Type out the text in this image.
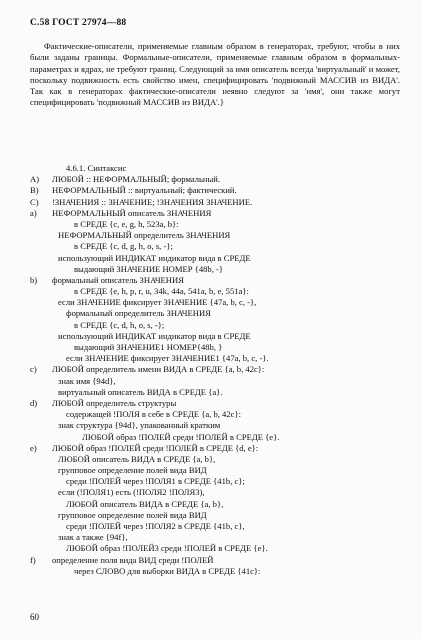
С.58 ГОСТ 27974—88

Фактические-описатели, применяемые главным образом в генераторах, требуют, чтобы в них были заданы границы. Формальные-описатели, применяемые главным образом в формальных-параметрах и ядрах, не требуют границ. Следующий за имя описатель всегда 'виртуальный' и может, поскольку подвижность есть свойство имен, специфицировать 'подвижный МАССИВ из ВИДА'. Так как в генераторах фактические-описатели неявно следуют за 'имя', они также могут специфицировать 'подвижный МАССИВ из ВИДА'.}

4.6.1. Синтаксис
A)	ЛЮБОЙ :: НЕФОРМАЛЬНЫЙ; формальный.
B)	НЕФОРМАЛЬНЫЙ :: виртуальный; фактический.
C)	!ЗНАЧЕНИЯ :: ЗНАЧЕНИЕ; !ЗНАЧЕНИЯ ЗНАЧЕНИЕ.
a)	НЕФОРМАЛЬНЫЙ описатель ЗНАЧЕНИЯ
в СРЕДЕ {c, e, g, h, 523a, b}:
НЕФОРМАЛЬНЫЙ определитель ЗНАЧЕНИЯ
в СРЕДЕ {c, d, g, h, o, s, -};
использующий ИНДИКАТ индикатор вида в СРЕДЕ
выдающий ЗНАЧЕНИЕ НОМЕР {48b, -}
b)	формальный описатель ЗНАЧЕНИЯ
в СРЕДЕ {e, h, p, r, u, 34k, 44a, 541a, b, e, 551a}:
если ЗНАЧЕНИЕ фиксирует ЗНАЧЕНИЕ {47a, b, c, -},
формальный определитель ЗНАЧЕНИЯ
в СРЕДЕ {c, d, h, o, s, -};
использующий ИНДИКАТ индикатор вида в СРЕДЕ
выдающий ЗНАЧЕНИЕ1 НОМЕР{48b, }
если ЗНАЧЕНИЕ фиксирует ЗНАЧЕНИЕ1 {47a, b, c, -}.
c)	ЛЮБОЙ определитель имени ВИДА в СРЕДЕ {a, b, 42c}:
знак имя {94d},
виртуальный описатель ВИДА в СРЕДЕ {a}.
d)	ЛЮБОЙ определитель структуры
содержащей !ПОЛЯ в себе в СРЕДЕ {a, b, 42c}:
знак структура {94d}, упакованный кратким
ЛЮБОЙ образ !ПОЛЕЙ среди !ПОЛЕЙ в СРЕДЕ {e}.
e)	ЛЮБОЙ образ !ПОЛЕЙ среди !ПОЛЕЙ в СРЕДЕ {d, e}:
ЛЮБОЙ описатель ВИДА в СРЕДЕ {a, b},
групповое определение полей вида ВИД
среди !ПОЛЕЙ через !ПОЛЯ1 в СРЕДЕ {41b, c};
если (!ПОЛЯ1) есть (!ПОЛЯ2 !ПОЛЯ3),
ЛЮБОЙ описатель ВИДА в СРЕДЕ {a, b},
групповое определение полей вида ВИД
среди !ПОЛЕЙ через !ПОЛЯ2 в СРЕДЕ {41b, c},
знак а также {94f},
ЛЮБОЙ образ !ПОЛЕЙ3 среди !ПОЛЕЙ в СРЕДЕ {e}.
f)	определение поля вида ВИД среди !ПОЛЕЙ
через СЛОВО для выборки ВИДА в СРЕДЕ {41c}:
60
